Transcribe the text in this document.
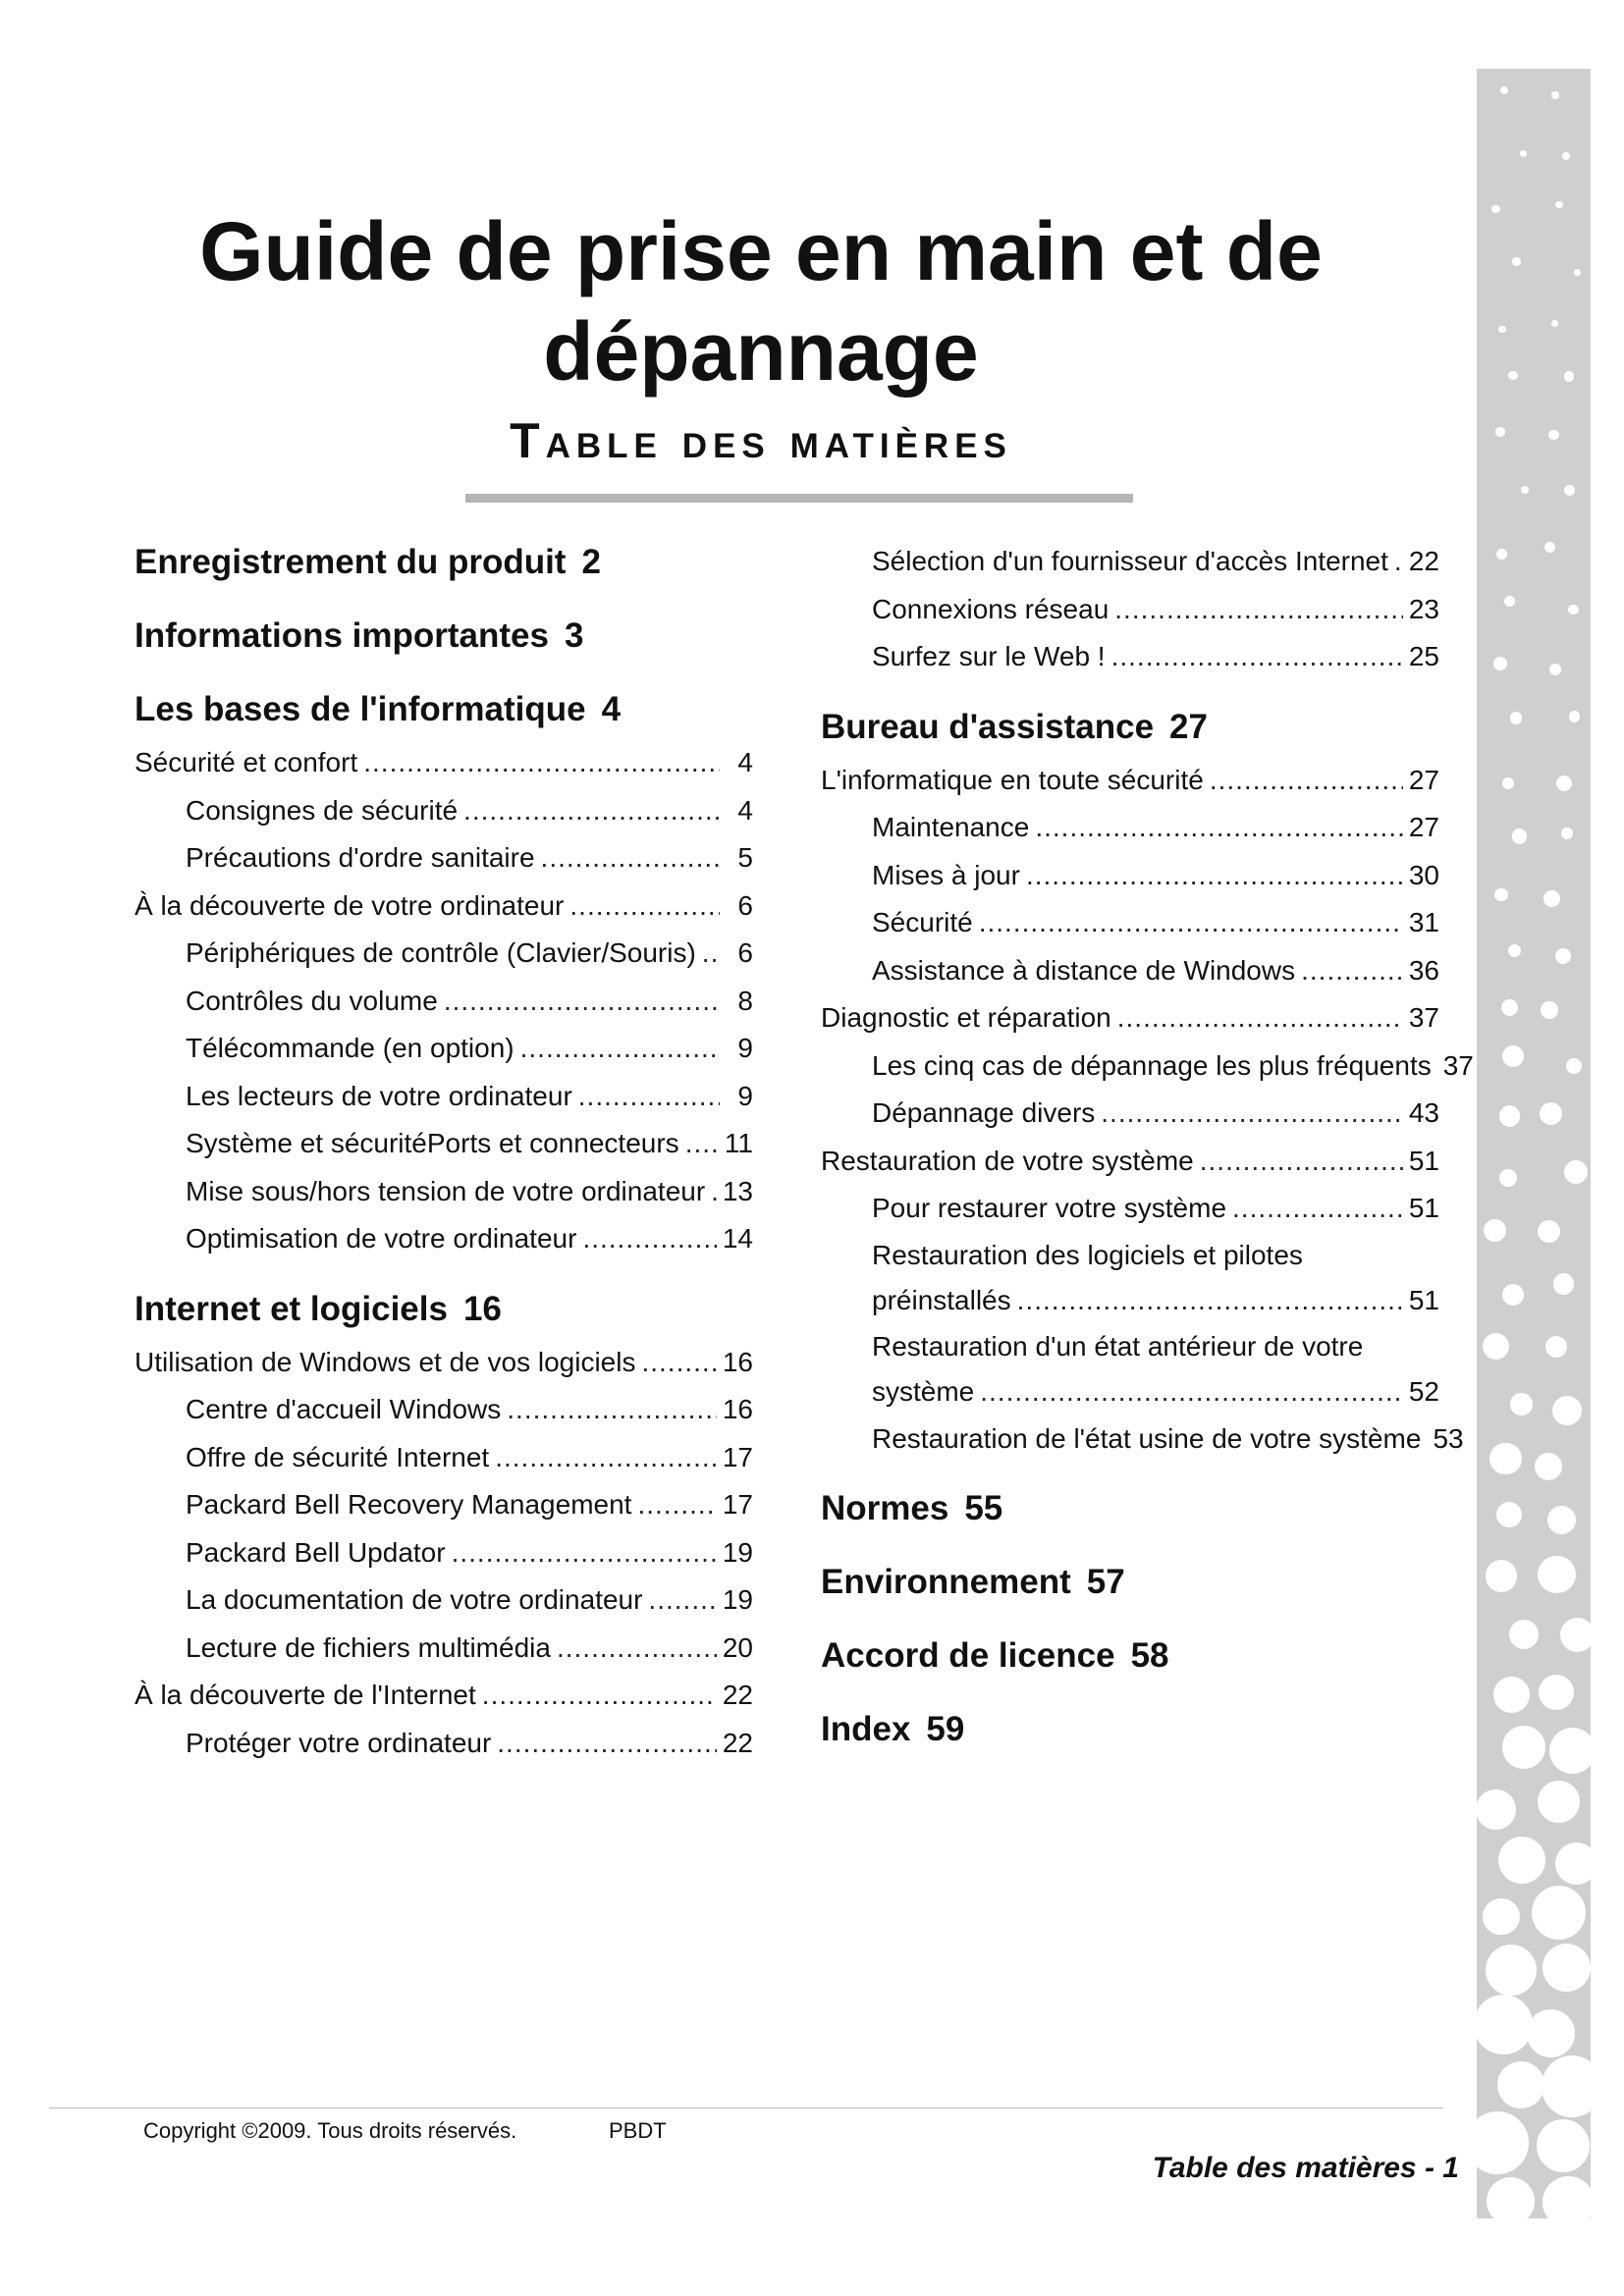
Guide de prise en main et de dépannage
Table des matières
Enregistrement du produit 2
Informations importantes 3
Les bases de l'informatique 4
Sécurité et confort .....	4
Consignes de sécurité .....	4
Précautions d'ordre sanitaire .....	5
À la découverte de votre ordinateur .....	6
Périphériques de contrôle (Clavier/Souris) .....	6
Contrôles du volume .....	8
Télécommande (en option) .....	9
Les lecteurs de votre ordinateur .....	9
Système et sécuritéPorts et connecteurs ..... 11
Mise sous/hors tension de votre ordinateur ..... 13
Optimisation de votre ordinateur .....	14
Internet et logiciels 16
Utilisation de Windows et de vos logiciels .....	16
Centre d'accueil Windows .....	16
Offre de sécurité Internet .....	17
Packard Bell Recovery Management .....	17
Packard Bell Updator .....	19
La documentation de votre ordinateur .....	19
Lecture de fichiers multimédia .....	20
À la découverte de l'Internet .....	22
Protéger votre ordinateur .....	22
Sélection d'un fournisseur d'accès Internet ..... 22
Connexions réseau .....	23
Surfez sur le Web ! .....	25
Bureau d'assistance 27
L'informatique en toute sécurité .....	27
Maintenance .....	27
Mises à jour .....	30
Sécurité .....	31
Assistance à distance de Windows .....	36
Diagnostic et réparation .....	37
Les cinq cas de dépannage les plus fréquents 37
Dépannage divers .....	43
Restauration de votre système .....	51
Pour restaurer votre système .....	51
Restauration des logiciels et pilotes
préinstallés .....	51
Restauration d'un état antérieur de votre
système .....	52
Restauration de l'état usine de votre système 53
Normes 55
Environnement 57
Accord de licence 58
Index 59
Copyright ©2009. Tous droits réservés.	PBDT
Table des matières - 1
